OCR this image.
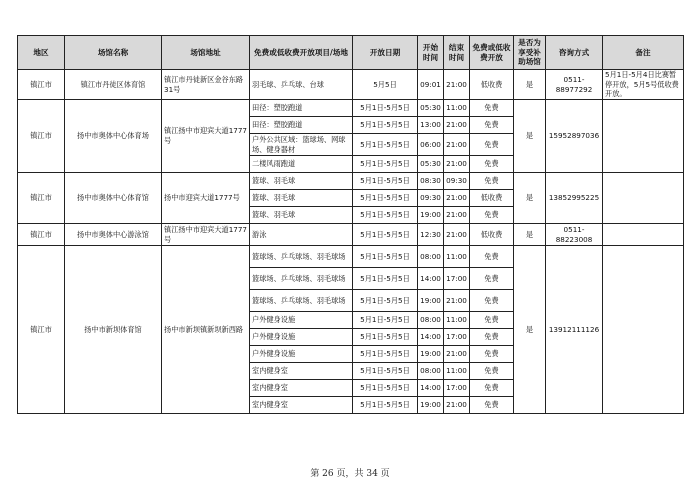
地区	场馆名称	场馆地址	免费或低收费开放项目/场地	开放日期	开始时间	结束时间	免费或低收费开放	是否为享受补助场馆	咨询方式	备注
镇江市	镇江市丹徒区体育馆	镇江市丹徒新区金谷东路31号	羽毛球、乒乓球、台球	5月5日	09:01	21:00	低收费	是	0511-88977292	5月1日-5月4日比赛暂停开放，5月5号低收费开放。
镇江市	扬中市奥体中心体育场	镇江扬中市迎宾大道1777号	田径：塑胶跑道	5月1日-5月5日	05:30	11:00	免费	是	15952897036	
			田径：塑胶跑道	5月1日-5月5日	13:00	21:00	免费			
			户外公共区域：篮球场、网球场、健身器材	5月1日-5月5日	06:00	21:00	免费			
			二楼风雨跑道	5月1日-5月5日	05:30	21:00	免费			
镇江市	扬中市奥体中心体育馆	扬中市迎宾大道1777号	篮球、羽毛球	5月1日-5月5日	08:30	09:30	免费	是	13852995225	
			篮球、羽毛球	5月1日-5月5日	09:30	21:00	低收费			
			篮球、羽毛球	5月1日-5月5日	19:00	21:00	免费			
镇江市	扬中市奥体中心游泳馆	镇江扬中市迎宾大道1777号	游泳	5月1日-5月5日	12:30	21:00	低收费	是	0511-88223008	
镇江市	扬中市新坝体育馆	扬中市新坝镇新坝新西路	篮球场、乒乓球场、羽毛球场	5月1日-5月5日	08:00	11:00	免费	是	13912111126	
			篮球场、乒乓球场、羽毛球场	5月1日-5月5日	14:00	17:00	免费			
			篮球场、乒乓球场、羽毛球场	5月1日-5月5日	19:00	21:00	免费			
			户外健身设施	5月1日-5月5日	08:00	11:00	免费			
			户外健身设施	5月1日-5月5日	14:00	17:00	免费			
			户外健身设施	5月1日-5月5日	19:00	21:00	免费			
			室内健身室	5月1日-5月5日	08:00	11:00	免费			
			室内健身室	5月1日-5月5日	14:00	17:00	免费			
			室内健身室	5月1日-5月5日	19:00	21:00	免费			
第 26 页，共 34 页
